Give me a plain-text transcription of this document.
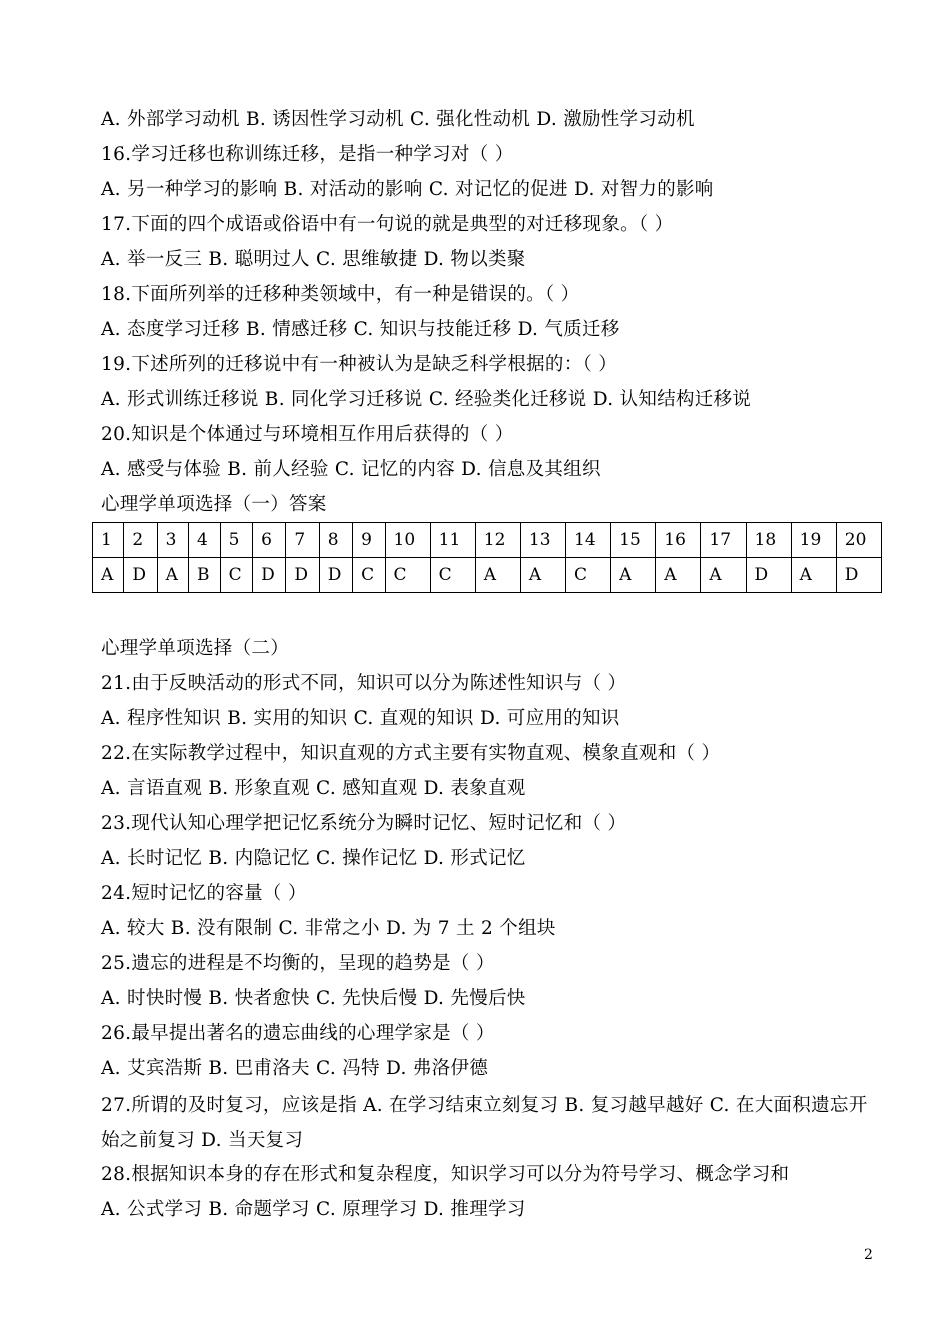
A. 外部学习动机 B. 诱因性学习动机 C. 强化性动机 D. 激励性学习动机
16.学习迁移也称训练迁移，是指一种学习对（ ）
A. 另一种学习的影响 B. 对活动的影响 C. 对记忆的促进 D. 对智力的影响
17.下面的四个成语或俗语中有一句说的就是典型的对迁移现象。（ ）
A. 举一反三 B. 聪明过人 C. 思维敏捷 D. 物以类聚
18.下面所列举的迁移种类领域中，有一种是错误的。（ ）
A. 态度学习迁移 B. 情感迁移 C. 知识与技能迁移 D. 气质迁移
19.下述所列的迁移说中有一种被认为是缺乏科学根据的：（ ）
A. 形式训练迁移说 B. 同化学习迁移说 C. 经验类化迁移说 D. 认知结构迁移说
20.知识是个体通过与环境相互作用后获得的（ ）
A. 感受与体验 B. 前人经验 C. 记忆的内容 D. 信息及其组织
心理学单项选择（一）答案
1	2	3	4	5	6	7	8	9	10	11	12	13	14	15	16	17	18	19	20
A	D	A	B	C	D	D	D	C	C	C	A	A	C	A	A	A	D	A	D
心理学单项选择（二）
21.由于反映活动的形式不同，知识可以分为陈述性知识与（ ）
A. 程序性知识 B. 实用的知识 C. 直观的知识 D. 可应用的知识
22.在实际教学过程中，知识直观的方式主要有实物直观、模象直观和（ ）
A. 言语直观 B. 形象直观 C. 感知直观 D. 表象直观
23.现代认知心理学把记忆系统分为瞬时记忆、短时记忆和（ ）
A. 长时记忆 B. 内隐记忆 C. 操作记忆 D. 形式记忆
24.短时记忆的容量（ ）
A. 较大 B. 没有限制 C. 非常之小 D. 为 7 土 2 个组块
25.遗忘的进程是不均衡的，呈现的趋势是（ ）
A. 时快时慢 B. 快者愈快 C. 先快后慢 D. 先慢后快
26.最早提出著名的遗忘曲线的心理学家是（ ）
A. 艾宾浩斯 B. 巴甫洛夫 C. 冯特 D. 弗洛伊德
27.所谓的及时复习，应该是指 A. 在学习结束立刻复习 B. 复习越早越好 C. 在大面积遗忘开始之前复习 D. 当天复习
28.根据知识本身的存在形式和复杂程度，知识学习可以分为符号学习、概念学习和
A. 公式学习 B. 命题学习 C. 原理学习 D. 推理学习
2
